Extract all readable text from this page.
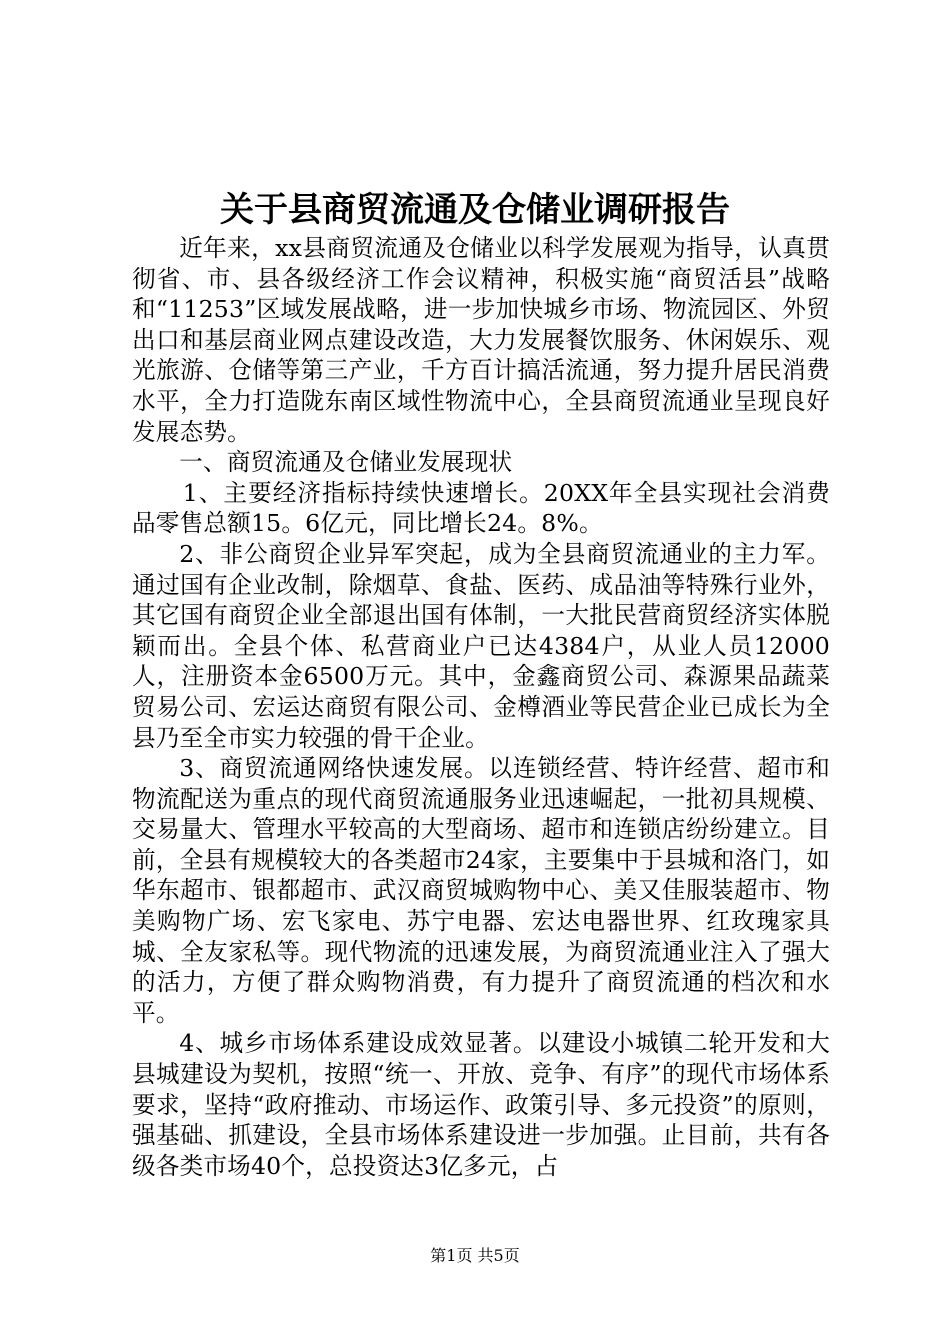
关于县商贸流通及仓储业调研报告

近年来，xx县商贸流通及仓储业以科学发展观为指导，认真贯彻省、市、县各级经济工作会议精神，积极实施“商贸活县”战略和“11253”区域发展战略，进一步加快城乡市场、物流园区、外贸出口和基层商业网点建设改造，大力发展餐饮服务、休闲娱乐、观光旅游、仓储等第三产业，千方百计搞活流通，努力提升居民消费水平，全力打造陇东南区域性物流中心，全县商贸流通业呈现良好发展态势。

一、商贸流通及仓储业发展现状

1、主要经济指标持续快速增长。20XX年全县实现社会消费品零售总额15。6亿元，同比增长24。8%。

2、非公商贸企业异军突起，成为全县商贸流通业的主力军。通过国有企业改制，除烟草、食盐、医药、成品油等特殊行业外，其它国有商贸企业全部退出国有体制，一大批民营商贸经济实体脱颖而出。全县个体、私营商业户已达4384户，从业人员12000人，注册资本金6500万元。其中，金鑫商贸公司、森源果品蔬菜贸易公司、宏运达商贸有限公司、金樽酒业等民营企业已成长为全县乃至全市实力较强的骨干企业。

3、商贸流通网络快速发展。以连锁经营、特许经营、超市和物流配送为重点的现代商贸流通服务业迅速崛起，一批初具规模、交易量大、管理水平较高的大型商场、超市和连锁店纷纷建立。目前，全县有规模较大的各类超市24家，主要集中于县城和洛门，如华东超市、银都超市、武汉商贸城购物中心、美又佳服装超市、物美购物广场、宏飞家电、苏宁电器、宏达电器世界、红玫瑰家具城、全友家私等。现代物流的迅速发展，为商贸流通业注入了强大的活力，方便了群众购物消费，有力提升了商贸流通的档次和水平。

4、城乡市场体系建设成效显著。以建设小城镇二轮开发和大县城建设为契机，按照“统一、开放、竞争、有序”的现代市场体系要求，坚持“政府推动、市场运作、政策引导、多元投资”的原则，强基础、抓建设，全县市场体系建设进一步加强。止目前，共有各级各类市场40个，总投资达3亿多元，占

第1页 共5页
